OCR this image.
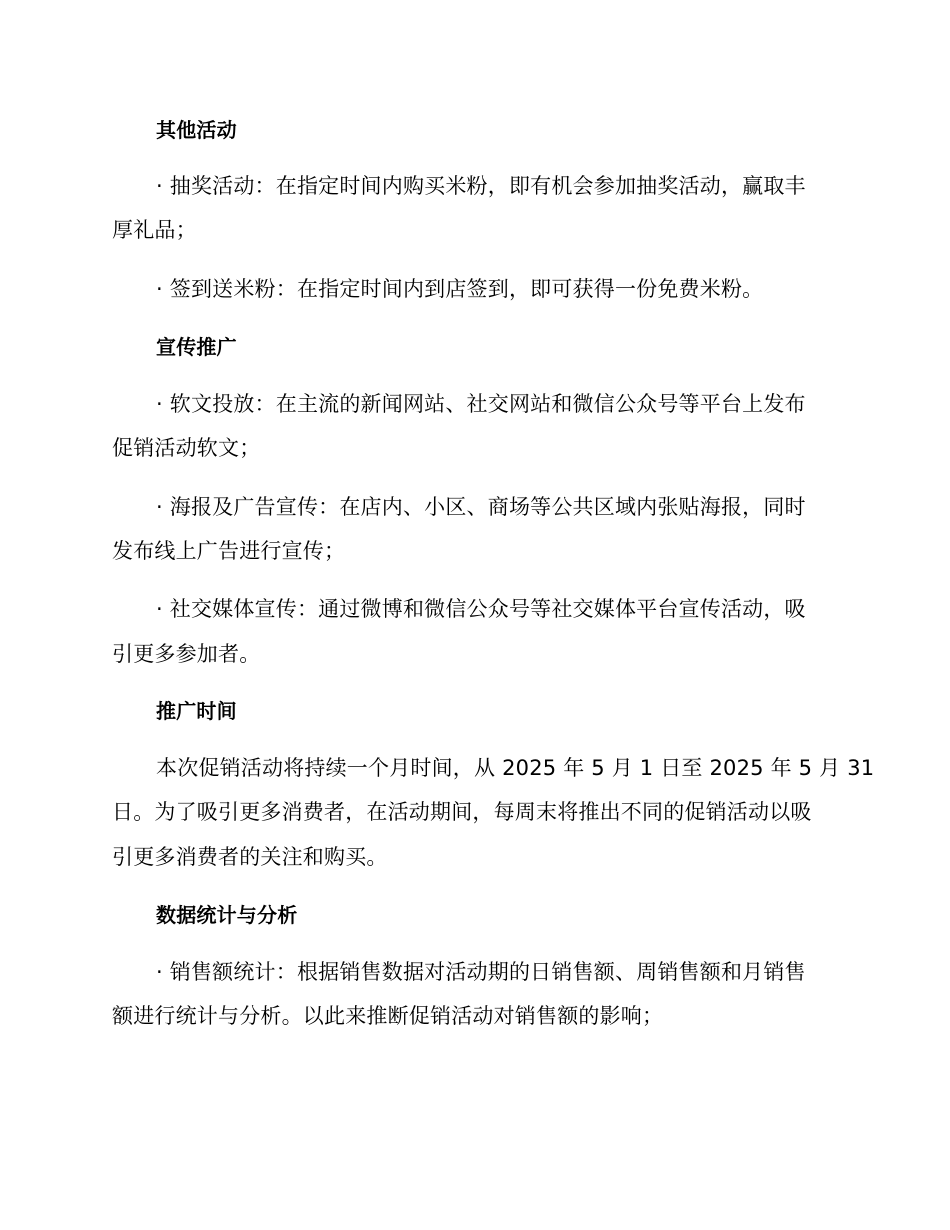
其他活动
· 抽奖活动：在指定时间内购买米粉，即有机会参加抽奖活动，赢取丰
厚礼品；
· 签到送米粉：在指定时间内到店签到，即可获得一份免费米粉。
宣传推广
· 软文投放：在主流的新闻网站、社交网站和微信公众号等平台上发布
促销活动软文；
· 海报及广告宣传：在店内、小区、商场等公共区域内张贴海报，同时
发布线上广告进行宣传；
· 社交媒体宣传：通过微博和微信公众号等社交媒体平台宣传活动，吸
引更多参加者。
推广时间
本次促销活动将持续一个月时间，从 2025 年 5 月 1 日至 2025 年 5 月 31
日。为了吸引更多消费者，在活动期间，每周末将推出不同的促销活动以吸
引更多消费者的关注和购买。
数据统计与分析
· 销售额统计：根据销售数据对活动期的日销售额、周销售额和月销售
额进行统计与分析。以此来推断促销活动对销售额的影响；
